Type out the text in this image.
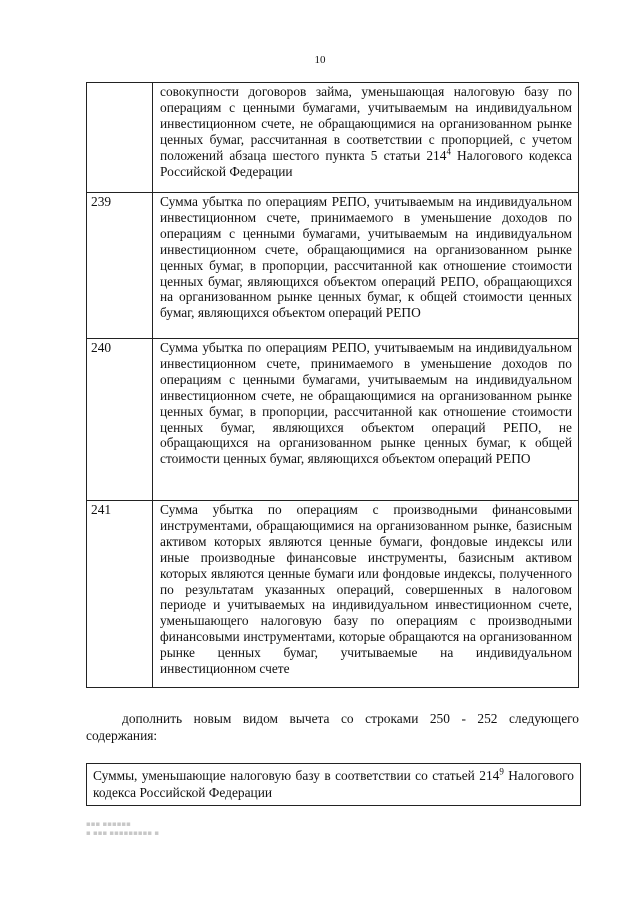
10
	совокупности договоров займа, уменьшающая налоговую базу по операциям с ценными бумагами, учитываемым на индивидуальном инвестиционном счете, не обращающимися на организованном рынке ценных бумаг, рассчитанная в соответствии с пропорцией, с учетом положений абзаца шестого пункта 5 статьи $214^4$ Налогового кодекса Российской Федерации
239	Сумма убытка по операциям РЕПО, учитываемым на индивидуальном инвестиционном счете, принимаемого в уменьшение доходов по операциям с ценными бумагами, учитываемым на индивидуальном инвестиционном счете, обращающимися на организованном рынке ценных бумаг, в пропорции, рассчитанной как отношение стоимости ценных бумаг, являющихся объектом операций РЕПО, обращающихся на организованном рынке ценных бумаг, к общей стоимости ценных бумаг, являющихся объектом операций РЕПО
240	Сумма убытка по операциям РЕПО, учитываемым на индивидуальном инвестиционном счете, принимаемого в уменьшение доходов по операциям с ценными бумагами, учитываемым на индивидуальном инвестиционном счете, не обращающимися на организованном рынке ценных бумаг, в пропорции, рассчитанной как отношение стоимости ценных бумаг, являющихся объектом операций РЕПО, не обращающихся на организованном рынке ценных бумаг, к общей стоимости ценных бумаг, являющихся объектом операций РЕПО
241	Сумма убытка по операциям с производными финансовыми инструментами, обращающимися на организованном рынке, базисным активом которых являются ценные бумаги, фондовые индексы или иные производные финансовые инструменты, базисным активом которых являются ценные бумаги или фондовые индексы, полученного по результатам указанных операций, совершенных в налоговом периоде и учитываемых на индивидуальном инвестиционном счете, уменьшающего налоговую базу по операциям с производными финансовыми инструментами, которые обращаются на организованном рынке ценных бумаг, учитываемые на индивидуальном инвестиционном счете

дополнить новым видом вычета со строками 250 - 252 следующего содержания:

Суммы, уменьшающие налоговую базу в соответствии со статьей $214^9$ Налогового кодекса Российской Федерации
▪▪▪ ▪▪▪▪▪▪
▪ ▪▪▪ ▪▪▪▪▪▪▪▪▪ ▪
